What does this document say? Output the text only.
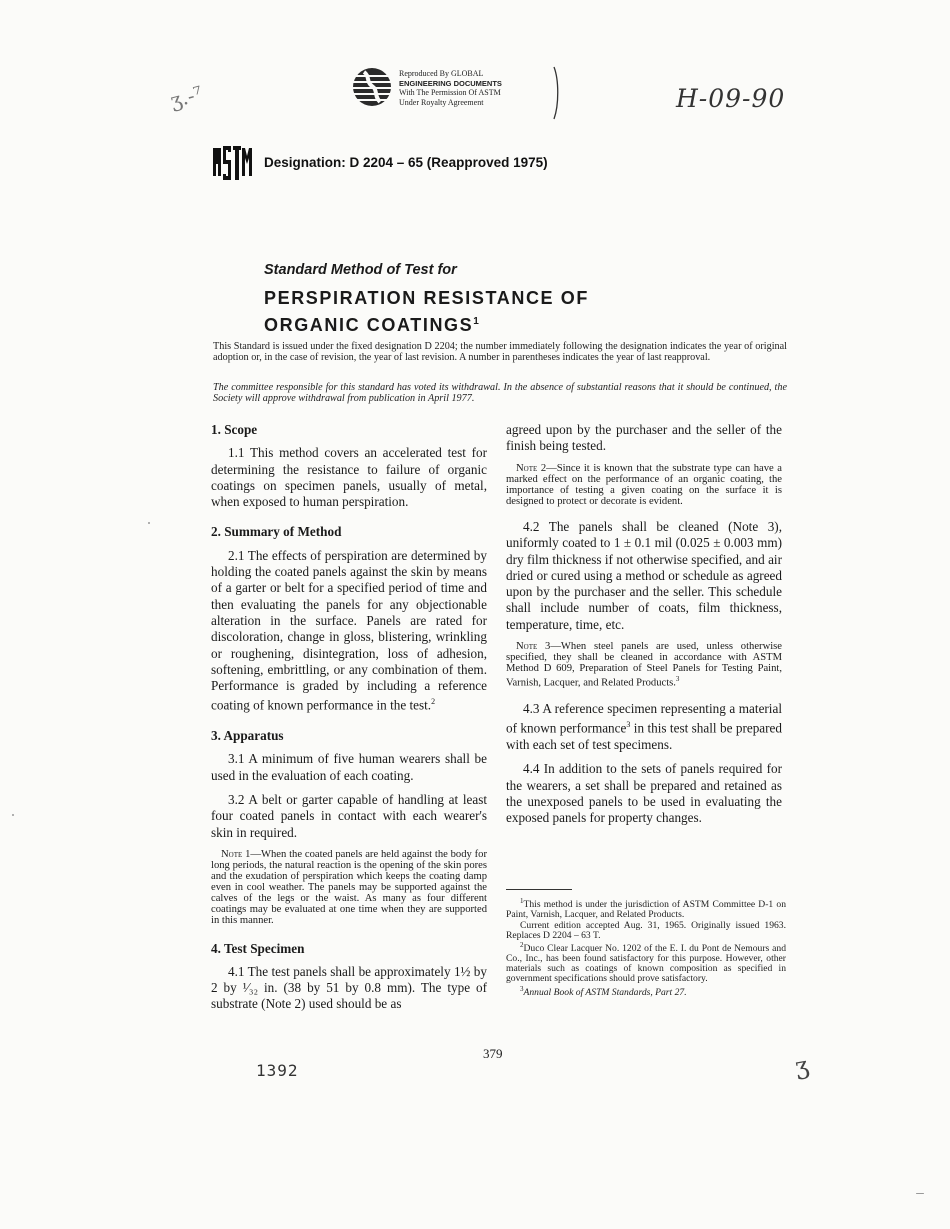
ʒ.-⁷
Reproduced By GLOBAL
ENGINEERING DOCUMENTS
With The Permission Of ASTM
Under Royalty Agreement	H-09-90
Designation: D 2204 – 65 (Reapproved 1975)
Standard Method of Test for
PERSPIRATION RESISTANCE OF
ORGANIC COATINGS$^1$
This Standard is issued under the fixed designation D 2204; the number immediately following the designation indicates the year of original adoption or, in the case of revision, the year of last revision. A number in parentheses indicates the year of last reapproval.
The committee responsible for this standard has voted its withdrawal. In the absence of substantial reasons that it should be continued, the Society will approve withdrawal from publication in April 1977.
1. Scope

1.1 This method covers an accelerated test for determining the resistance to failure of organic coatings on specimen panels, usually of metal, when exposed to human perspiration.

2. Summary of Method

2.1 The effects of perspiration are determined by holding the coated panels against the skin by means of a garter or belt for a specified period of time and then evaluating the panels for any objectionable alteration in the surface. Panels are rated for discoloration, change in gloss, blistering, wrinkling or roughening, disintegration, loss of adhesion, softening, embrittling, or any combination of them. Performance is graded by including a reference coating of known performance in the test.$^2$

3. Apparatus

3.1 A minimum of five human wearers shall be used in the evaluation of each coating.

3.2 A belt or garter capable of handling at least four coated panels in contact with each wearer's skin in required.

Note 1—When the coated panels are held against the body for long periods, the natural reaction is the opening of the skin pores and the exudation of perspiration which keeps the coating damp even in cool weather. The panels may be supported against the calves of the legs or the waist. As many as four different coatings may be evaluated at one time when they are supported in this manner.

4. Test Specimen

4.1 The test panels shall be approximately 1½ by 2 by ¹⁄₃₂ in. (38 by 51 by 0.8 mm). The type of substrate (Note 2) used should be as

agreed upon by the purchaser and the seller of the finish being tested.

Note 2—Since it is known that the substrate type can have a marked effect on the performance of an organic coating, the importance of testing a given coating on the surface it is designed to protect or decorate is evident.

4.2 The panels shall be cleaned (Note 3), uniformly coated to 1 ± 0.1 mil (0.025 ± 0.003 mm) dry film thickness if not otherwise specified, and air dried or cured using a method or schedule as agreed upon by the purchaser and the seller. This schedule shall include number of coats, film thickness, temperature, time, etc.

Note 3—When steel panels are used, unless otherwise specified, they shall be cleaned in accordance with ASTM Method D 609, Preparation of Steel Panels for Testing Paint, Varnish, Lacquer, and Related Products.$^3$

4.3 A reference specimen representing a material of known performance$^3$ in this test shall be prepared with each set of test specimens.

4.4 In addition to the sets of panels required for the wearers, a set shall be prepared and retained as the unexposed panels to be used in evaluating the exposed panels for property changes.

$^1$This method is under the jurisdiction of ASTM Committee D-1 on Paint, Varnish, Lacquer, and Related Products.

Current edition accepted Aug. 31, 1965. Originally issued 1963. Replaces D 2204 – 63 T.

$^2$Duco Clear Lacquer No. 1202 of the E. I. du Pont de Nemours and Co., Inc., has been found satisfactory for this purpose. However, other materials such as coatings of known composition as specified in government specifications should prove satisfactory.

$^3$Annual Book of ASTM Standards, Part 27.

379
1392	ʒ
